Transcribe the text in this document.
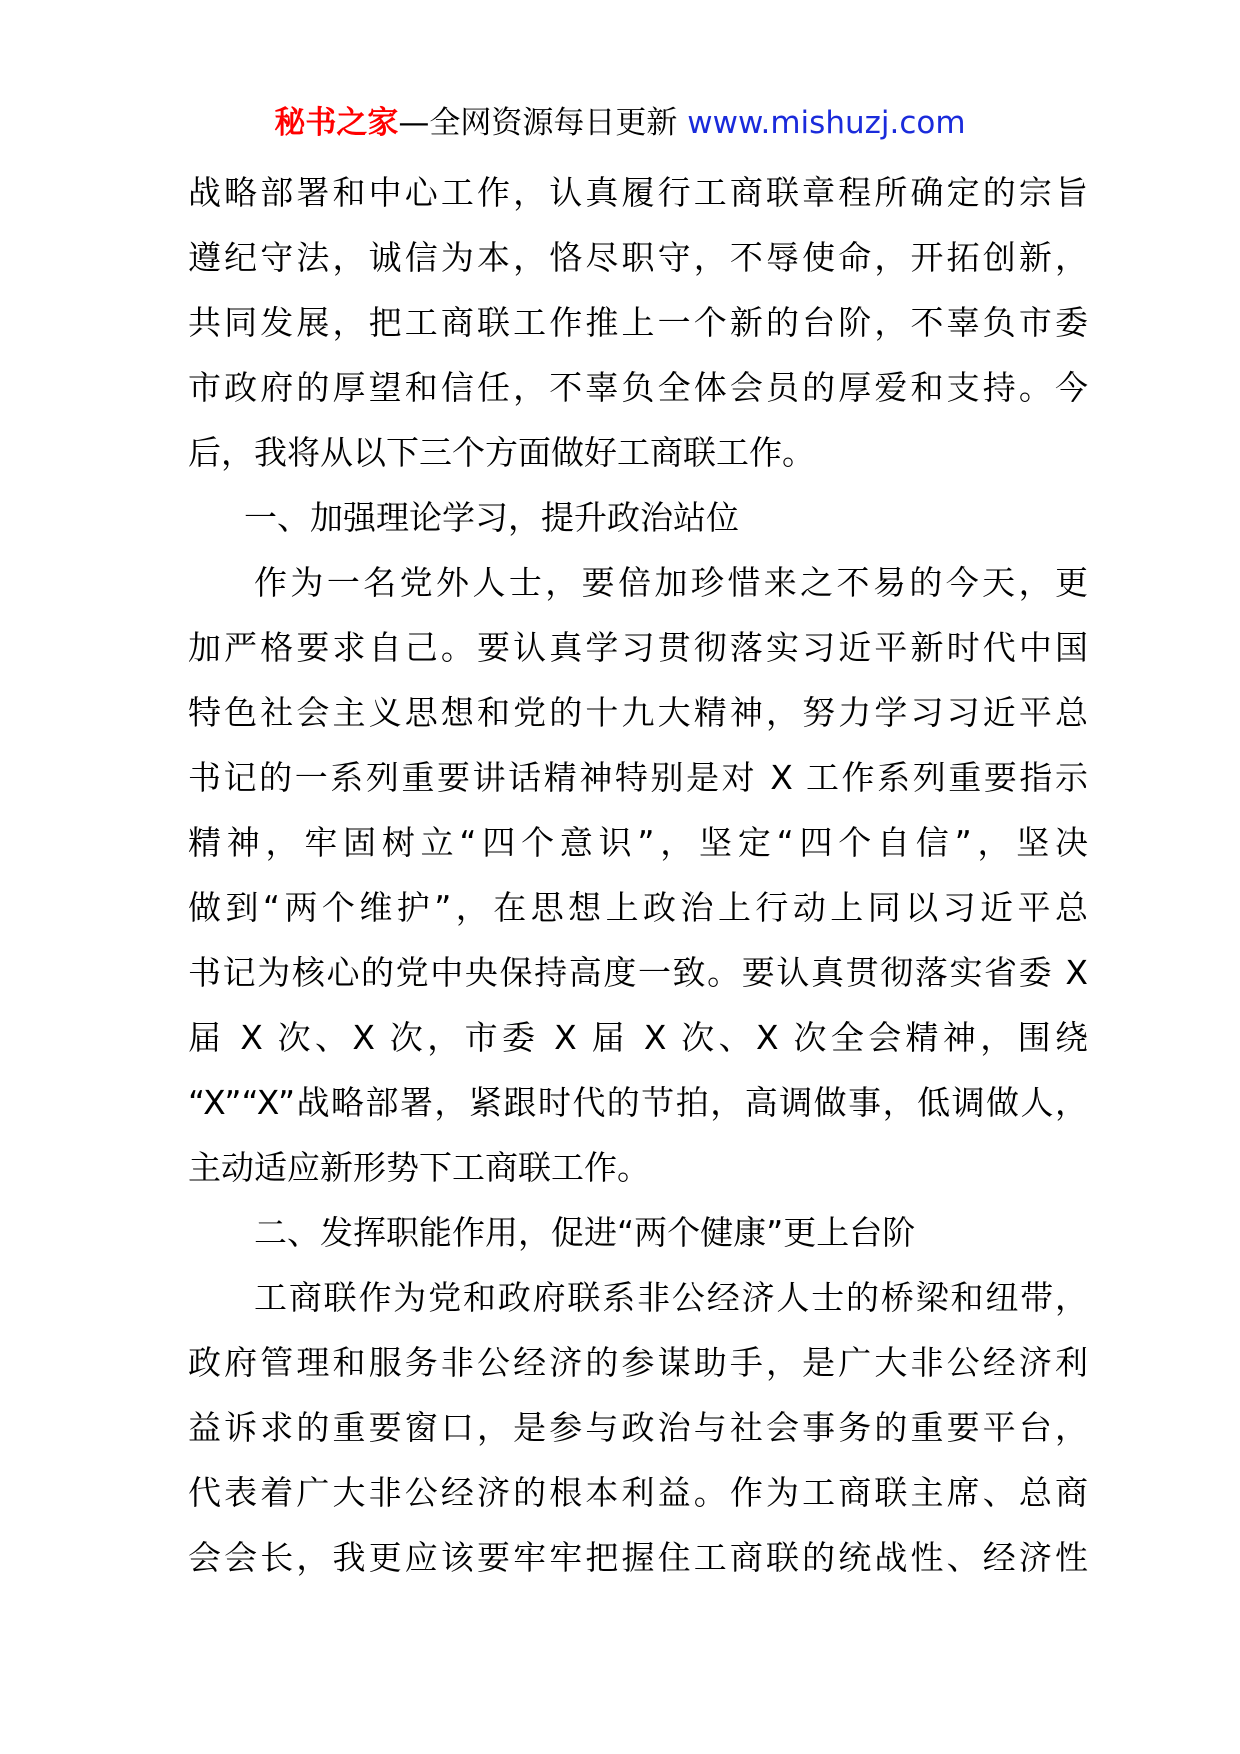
秘书之家—全网资源每日更新 www.mishuzj.com
战略部署和中心工作，认真履行工商联章程所确定的宗旨
遵纪守法，诚信为本，恪尽职守，不辱使命，开拓创新，
共同发展，把工商联工作推上一个新的台阶，不辜负市委
市政府的厚望和信任，不辜负全体会员的厚爱和支持。今
后，我将从以下三个方面做好工商联工作。
一、加强理论学习，提升政治站位
作为一名党外人士，要倍加珍惜来之不易的今天，更
加严格要求自己。要认真学习贯彻落实习近平新时代中国
特色社会主义思想和党的十九大精神，努力学习习近平总
书记的一系列重要讲话精神特别是对 X 工作系列重要指示
精神，牢固树立“四个意识”，坚定“四个自信”，坚决
做到“两个维护”，在思想上政治上行动上同以习近平总
书记为核心的党中央保持高度一致。要认真贯彻落实省委 X
届 X 次、X 次，市委 X 届 X 次、X 次全会精神，围绕
“X”“X”战略部署，紧跟时代的节拍，高调做事，低调做人，
主动适应新形势下工商联工作。
二、发挥职能作用，促进“两个健康”更上台阶
工商联作为党和政府联系非公经济人士的桥梁和纽带，
政府管理和服务非公经济的参谋助手，是广大非公经济利
益诉求的重要窗口，是参与政治与社会事务的重要平台，
代表着广大非公经济的根本利益。作为工商联主席、总商
会会长，我更应该要牢牢把握住工商联的统战性、经济性
